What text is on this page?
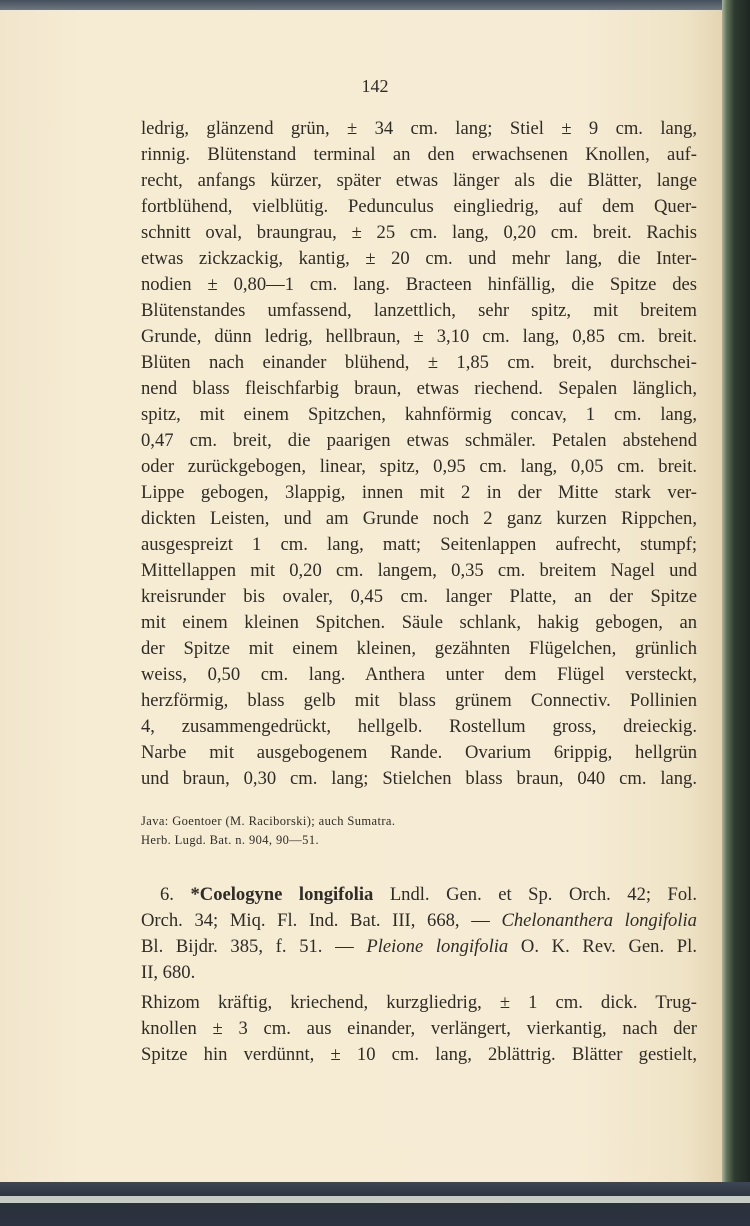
142
ledrig, glänzend grün, ± 34 cm. lang; Stiel ± 9 cm. lang,
rinnig. Blütenstand terminal an den erwachsenen Knollen, auf-
recht, anfangs kürzer, später etwas länger als die Blätter, lange
fortblühend, vielblütig. Pedunculus eingliedrig, auf dem Quer-
schnitt oval, braungrau, ± 25 cm. lang, 0,20 cm. breit. Rachis
etwas zickzackig, kantig, ± 20 cm. und mehr lang, die Inter-
nodien ± 0,80—1 cm. lang. Bracteen hinfällig, die Spitze des
Blütenstandes umfassend, lanzettlich, sehr spitz, mit breitem
Grunde, dünn ledrig, hellbraun, ± 3,10 cm. lang, 0,85 cm. breit.
Blüten nach einander blühend, ± 1,85 cm. breit, durchschei-
nend blass fleischfarbig braun, etwas riechend. Sepalen länglich,
spitz, mit einem Spitzchen, kahnförmig concav, 1 cm. lang,
0,47 cm. breit, die paarigen etwas schmäler. Petalen abstehend
oder zurückgebogen, linear, spitz, 0,95 cm. lang, 0,05 cm. breit.
Lippe gebogen, 3lappig, innen mit 2 in der Mitte stark ver-
dickten Leisten, und am Grunde noch 2 ganz kurzen Rippchen,
ausgespreizt 1 cm. lang, matt; Seitenlappen aufrecht, stumpf;
Mittellappen mit 0,20 cm. langem, 0,35 cm. breitem Nagel und
kreisrunder bis ovaler, 0,45 cm. langer Platte, an der Spitze
mit einem kleinen Spitchen. Säule schlank, hakig gebogen, an
der Spitze mit einem kleinen, gezähnten Flügelchen, grünlich
weiss, 0,50 cm. lang. Anthera unter dem Flügel versteckt,
herzförmig, blass gelb mit blass grünem Connectiv. Pollinien
4, zusammengedrückt, hellgelb. Rostellum gross, dreieckig.
Narbe mit ausgebogenem Rande. Ovarium 6rippig, hellgrün
und braun, 0,30 cm. lang; Stielchen blass braun, 040 cm. lang.
Java: Goentoer (M. Raciborski); auch Sumatra.
Herb. Lugd. Bat. n. 904, 90—51.
6. *Coelogyne longifolia Lndl. Gen. et Sp. Orch. 42; Fol.
Orch. 34; Miq. Fl. Ind. Bat. III, 668, — Chelonanthera longifolia
Bl. Bijdr. 385, f. 51. — Pleione longifolia O. K. Rev. Gen. Pl.
II, 680.
Rhizom kräftig, kriechend, kurzgliedrig, ± 1 cm. dick. Trug-
knollen ± 3 cm. aus einander, verlängert, vierkantig, nach der
Spitze hin verdünnt, ± 10 cm. lang, 2blättrig. Blätter gestielt,
